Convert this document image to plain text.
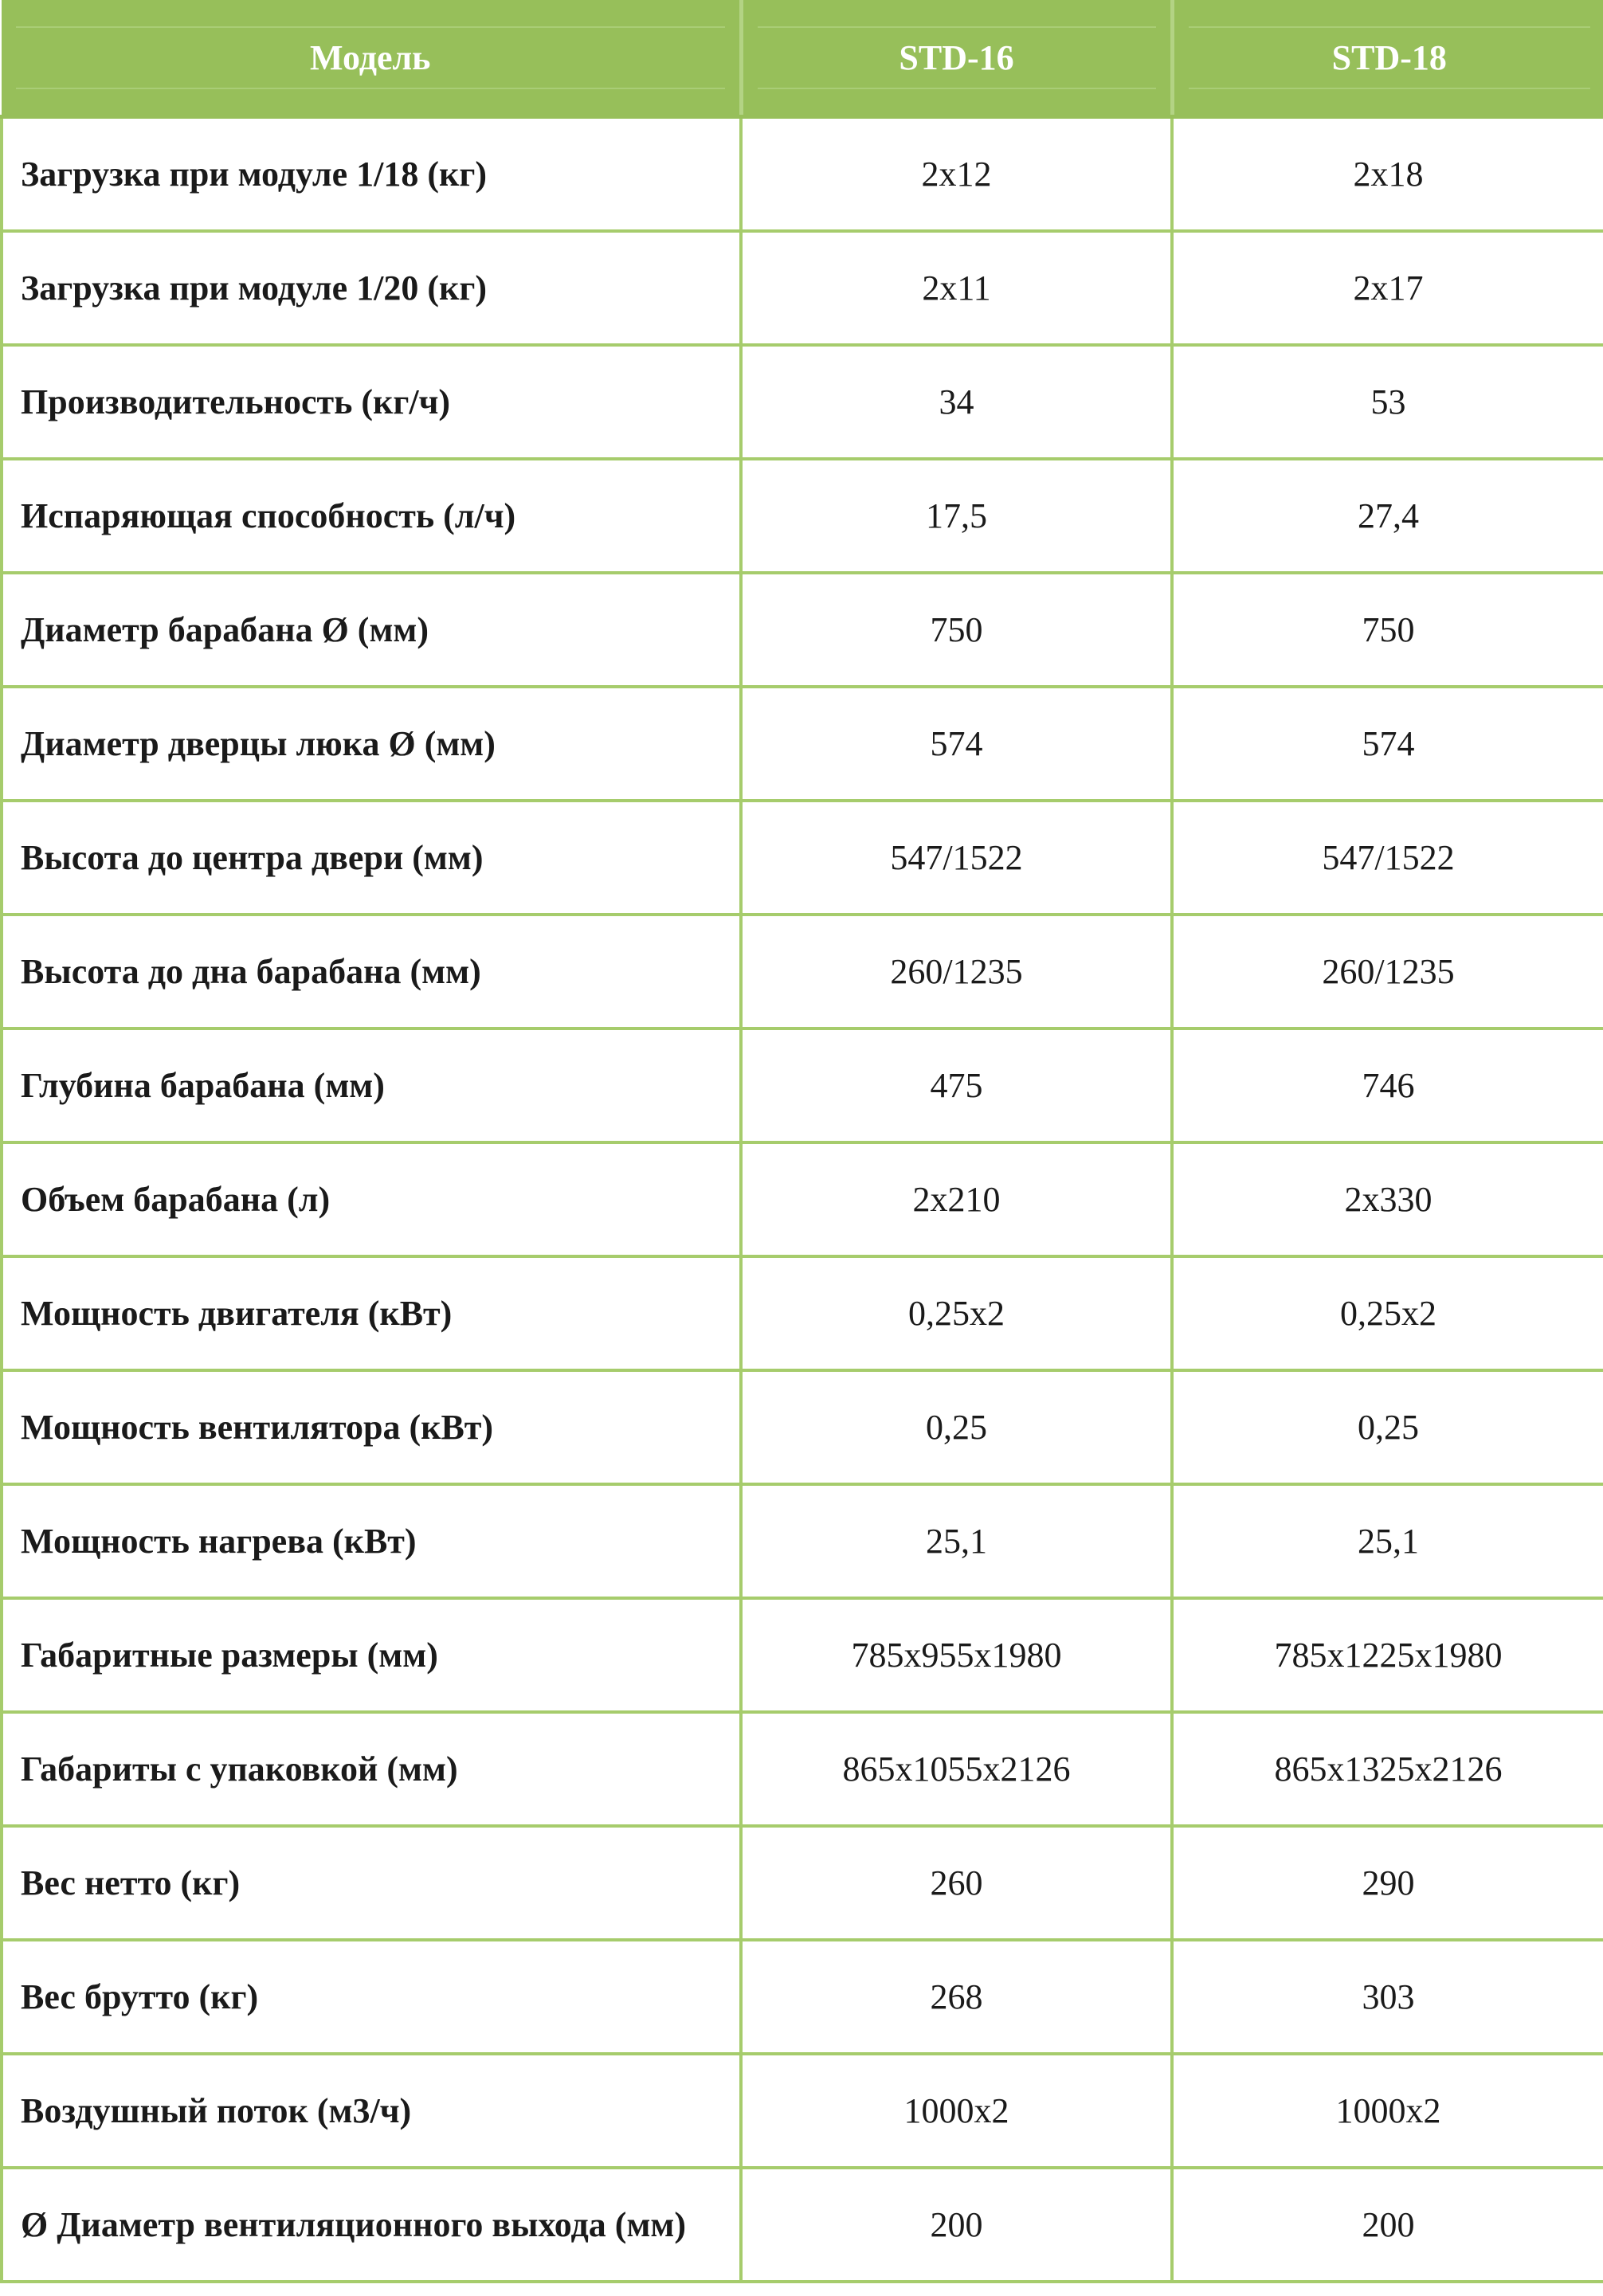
Модель	STD-16	STD-18

Загрузка при модуле 1/18 (кг)	2x12	2x18
Загрузка при модуле 1/20 (кг)	2x11	2x17
Производительность (кг/ч)	34	53
Испаряющая способность (л/ч)	17,5	27,4
Диаметр барабана Ø (мм)	750	750
Диаметр дверцы люка Ø (мм)	574	574
Высота до центра двери (мм)	547/1522	547/1522
Высота до дна барабана (мм)	260/1235	260/1235
Глубина барабана (мм)	475	746
Объем барабана (л)	2x210	2x330
Мощность двигателя (кВт)	0,25x2	0,25x2
Мощность вентилятора (кВт)	0,25	0,25
Мощность нагрева (кВт)	25,1	25,1
Габаритные размеры (мм)	785x955x1980	785x1225x1980
Габариты с упаковкой (мм)	865x1055x2126	865x1325x2126
Вес нетто (кг)	260	290
Вес брутто (кг)	268	303
Воздушный поток (м3/ч)	1000x2	1000x2
Ø Диаметр вентиляционного выхода (мм)	200	200
